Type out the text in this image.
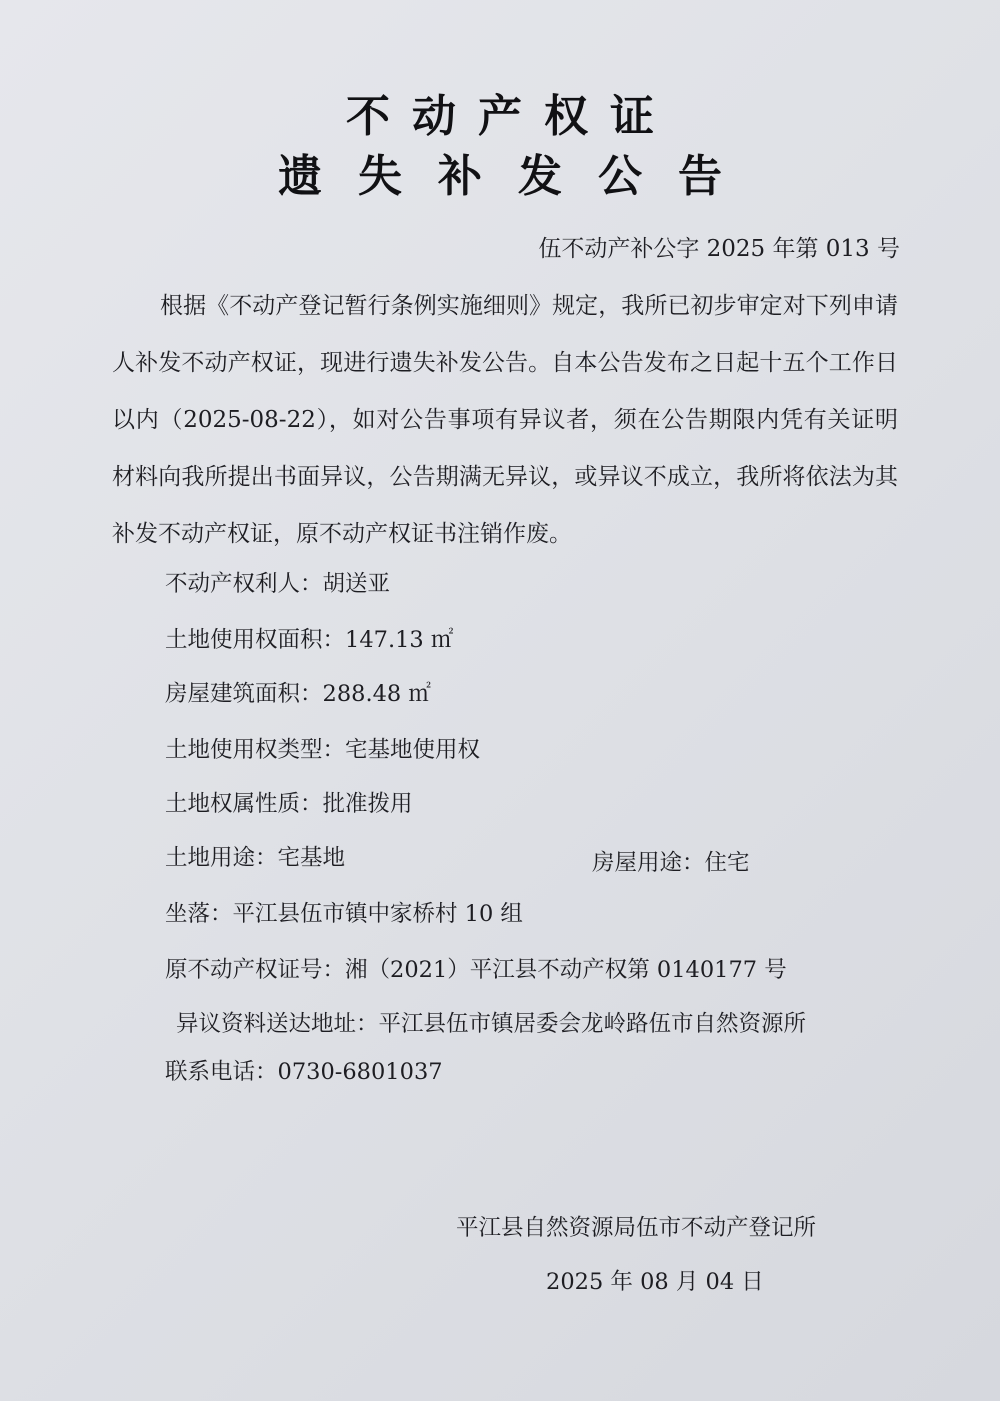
不动产权证
遗失补发公告
伍不动产补公字 2025 年第 013 号

根据《不动产登记暂行条例实施细则》规定，我所已初步审定对下列申请人补发不动产权证，现进行遗失补发公告。自本公告发布之日起十五个工作日以内（2025-08-22），如对公告事项有异议者，须在公告期限内凭有关证明材料向我所提出书面异议，公告期满无异议，或异议不成立，我所将依法为其补发不动产权证，原不动产权证书注销作废。

不动产权利人：胡送亚
土地使用权面积：147.13 ㎡
房屋建筑面积：288.48 ㎡
土地使用权类型：宅基地使用权
土地权属性质：批准拨用
土地用途：宅基地	房屋用途：住宅
坐落：平江县伍市镇中家桥村 10 组
原不动产权证号：湘（2021）平江县不动产权第 0140177 号
异议资料送达地址：平江县伍市镇居委会龙岭路伍市自然资源所
联系电话：0730-6801037
平江县自然资源局伍市不动产登记所
2025 年 08 月 04 日
